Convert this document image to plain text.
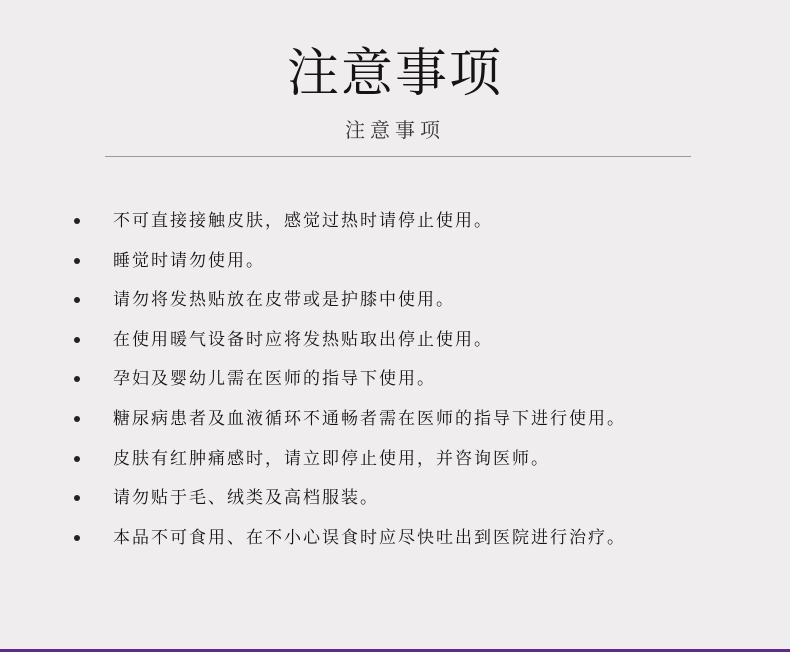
注意事项
注意事项
不可直接接触皮肤，感觉过热时请停止使用。
睡觉时请勿使用。
请勿将发热贴放在皮带或是护膝中使用。
在使用暖气设备时应将发热贴取出停止使用。
孕妇及婴幼儿需在医师的指导下使用。
糖尿病患者及血液循环不通畅者需在医师的指导下进行使用。
皮肤有红肿痛感时，请立即停止使用，并咨询医师。
请勿贴于毛、绒类及高档服装。
本品不可食用、在不小心误食时应尽快吐出到医院进行治疗。
